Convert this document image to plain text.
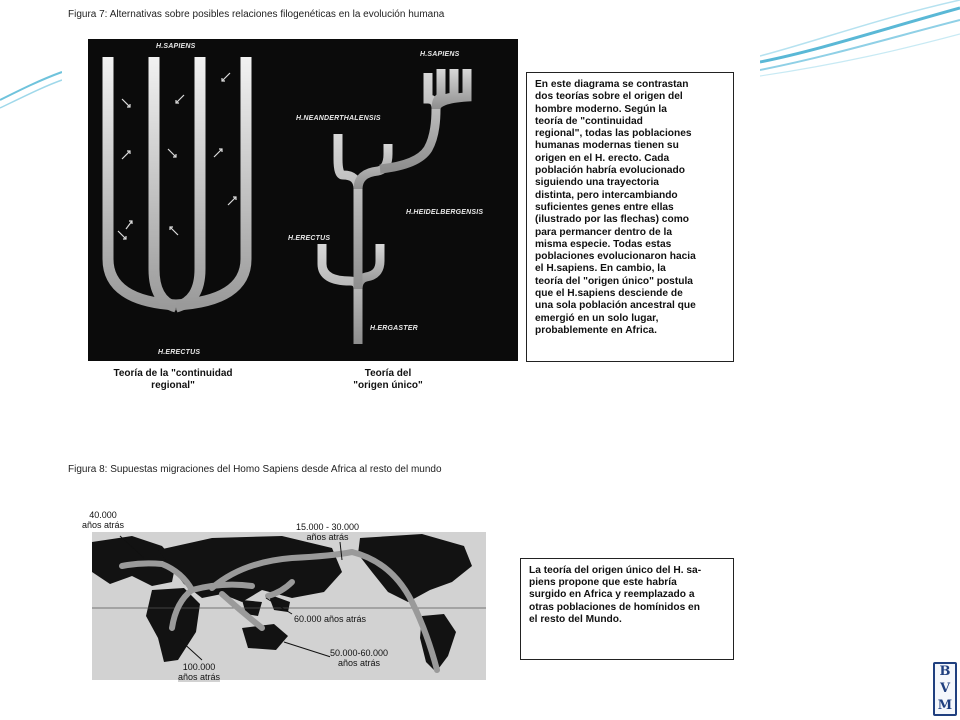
Figura 7: Alternativas sobre posibles relaciones filogenéticas en la evolución humana
H.SAPIENS
H.ERECTUS
H.SAPIENS
H.NEANDERTHALENSIS
H.HEIDELBERGENSIS
H.ERECTUS
H.ERGASTER
Teoría de la "continuidad
regional"
Teoría del
"origen único"
En este diagrama se contrastan
dos teorías sobre el origen del
hombre moderno. Según la
teoría de "continuidad
regional", todas las poblaciones
humanas modernas tienen su
origen en el H. erecto. Cada
población habría evolucionado
siguiendo una trayectoria
distinta, pero intercambiando
suficientes genes entre ellas
(ilustrado por las flechas) como
para permancer dentro de la
misma especie. Todas estas
poblaciones evolucionaron hacia
el H.sapiens. En cambio, la
teoría del "origen único" postula
que el H.sapiens desciende de
una sola población ancestral que
emergió en un solo lugar,
probablemente en Africa.
Figura 8: Supuestas migraciones del Homo Sapiens desde Africa al resto del mundo
40.000
años atrás	15.000 - 30.000
años atrás
60.000 años atrás
100.000
años atrás
50.000-60.000
años atrás
La teoría del origen único del H. sa-
piens propone que este habría
surgido en Africa y reemplazado a
otras poblaciones de homínidos en
el resto del Mundo.
B
V
M
